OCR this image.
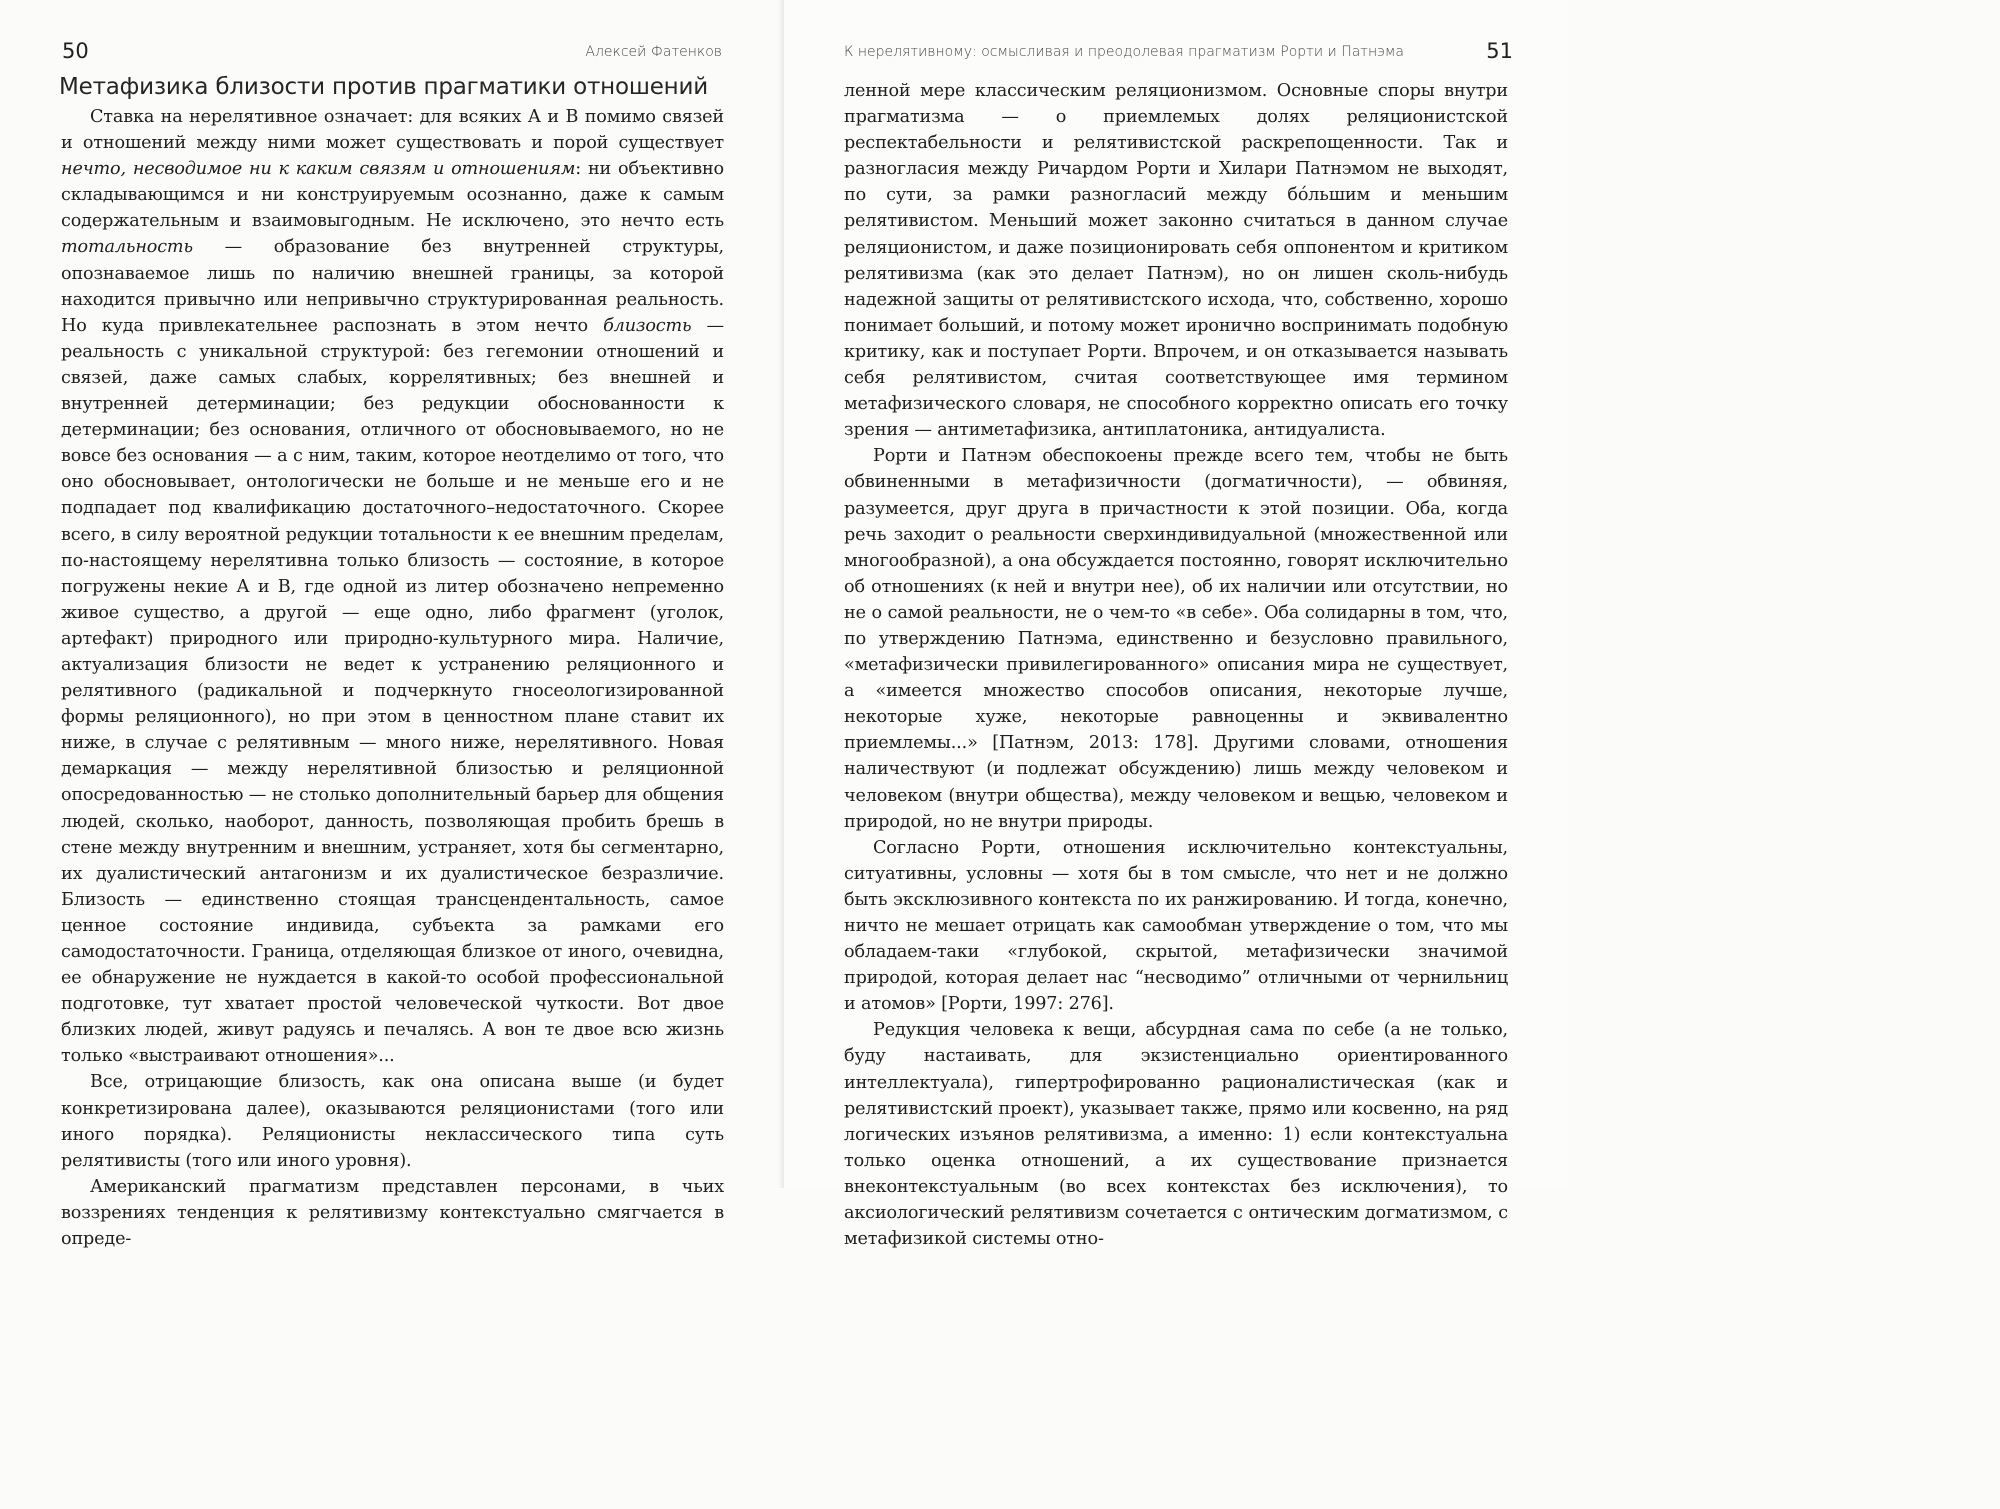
50	Алексей Фатенков
Метафизика близости против прагматики отношений

Ставка на нерелятивное означает: для всяких А и В помимо связей и отношений между ними может существовать и порой существует нечто, несводимое ни к каким связям и отношениям: ни объективно складывающимся и ни конструируемым осознанно, даже к самым содержательным и взаимовыгодным. Не исключено, это нечто есть тотальность — образование без внутренней структуры, опознаваемое лишь по наличию внешней границы, за которой находится привычно или непривычно структурированная реальность. Но куда привлекательнее распознать в этом нечто близость — реальность с уникальной структурой: без гегемонии отношений и связей, даже самых слабых, коррелятивных; без внешней и внутренней детерминации; без редукции обоснованности к детерминации; без основания, отличного от обосновываемого, но не вовсе без основания — а с ним, таким, которое неотделимо от того, что оно обосновывает, онтологически не больше и не меньше его и не подпадает под квалификацию достаточного–недостаточного. Скорее всего, в силу вероятной редукции тотальности к ее внешним пределам, по-настоящему нерелятивна только близость — состояние, в которое погружены некие А и В, где одной из литер обозначено непременно живое существо, а другой — еще одно, либо фрагмент (уголок, артефакт) природного или природно-культурного мира. Наличие, актуализация близости не ведет к устранению реляционного и релятивного (радикальной и подчеркнуто гносеологизированной формы реляционного), но при этом в ценностном плане ставит их ниже, в случае с релятивным — много ниже, нерелятивного. Новая демаркация — между нерелятивной близостью и реляционной опосредованностью — не столько дополнительный барьер для общения людей, сколько, наоборот, данность, позволяющая пробить брешь в стене между внутренним и внешним, устраняет, хотя бы сегментарно, их дуалистический антагонизм и их дуалистическое безразличие. Близость — единственно стоящая трансцендентальность, самое ценное состояние индивида, субъекта за рамками его самодостаточности. Граница, отделяющая близкое от иного, очевидна, ее обнаружение не нуждается в какой-то особой профессиональной подготовке, тут хватает простой человеческой чуткости. Вот двое близких людей, живут радуясь и печалясь. А вон те двое всю жизнь только «выстраивают отношения»...

Все, отрицающие близость, как она описана выше (и будет конкретизирована далее), оказываются реляционистами (того или иного порядка). Реляционисты неклассического типа суть релятивисты (того или иного уровня).

Американский прагматизм представлен персонами, в чьих воззрениях тенденция к релятивизму контекстуально смягчается в опреде-

К нерелятивному: осмысливая и преодолевая прагматизм Рорти и Патнэма	51

ленной мере классическим реляционизмом. Основные споры внутри прагматизма — о приемлемых долях реляционистской респектабельности и релятивистской раскрепощенности. Так и разногласия между Ричардом Рорти и Хилари Патнэмом не выходят, по сути, за рамки разногласий между бóльшим и меньшим релятивистом. Меньший может законно считаться в данном случае реляционистом, и даже позиционировать себя оппонентом и критиком релятивизма (как это делает Патнэм), но он лишен сколь-нибудь надежной защиты от релятивистского исхода, что, собственно, хорошо понимает больший, и потому может иронично воспринимать подобную критику, как и поступает Рорти. Впрочем, и он отказывается называть себя релятивистом, считая соответствующее имя термином метафизического словаря, не способного корректно описать его точку зрения — антиметафизика, антиплатоника, антидуалиста.

Рорти и Патнэм обеспокоены прежде всего тем, чтобы не быть обвиненными в метафизичности (догматичности), — обвиняя, разумеется, друг друга в причастности к этой позиции. Оба, когда речь заходит о реальности сверхиндивидуальной (множественной или многообразной), а она обсуждается постоянно, говорят исключительно об отношениях (к ней и внутри нее), об их наличии или отсутствии, но не о самой реальности, не о чем-то «в себе». Оба солидарны в том, что, по утверждению Патнэма, единственно и безусловно правильного, «метафизически привилегированного» описания мира не существует, а «имеется множество способов описания, некоторые лучше, некоторые хуже, некоторые равноценны и эквивалентно приемлемы...» [Патнэм, 2013: 178]. Другими словами, отношения наличествуют (и подлежат обсуждению) лишь между человеком и человеком (внутри общества), между человеком и вещью, человеком и природой, но не внутри природы.

Согласно Рорти, отношения исключительно контекстуальны, ситуативны, условны — хотя бы в том смысле, что нет и не должно быть эксклюзивного контекста по их ранжированию. И тогда, конечно, ничто не мешает отрицать как самообман утверждение о том, что мы обладаем-таки «глубокой, скрытой, метафизически значимой природой, которая делает нас “несводимо” отличными от чернильниц и атомов» [Рорти, 1997: 276].

Редукция человека к вещи, абсурдная сама по себе (а не только, буду настаивать, для экзистенциально ориентированного интеллектуала), гипертрофированно рационалистическая (как и релятивистский проект), указывает также, прямо или косвенно, на ряд логических изъянов релятивизма, а именно: 1) если контекстуальна только оценка отношений, а их существование признается внеконтекстуальным (во всех контекстах без исключения), то аксиологический релятивизм сочетается с онтическим догматизмом, с метафизикой системы отно-
